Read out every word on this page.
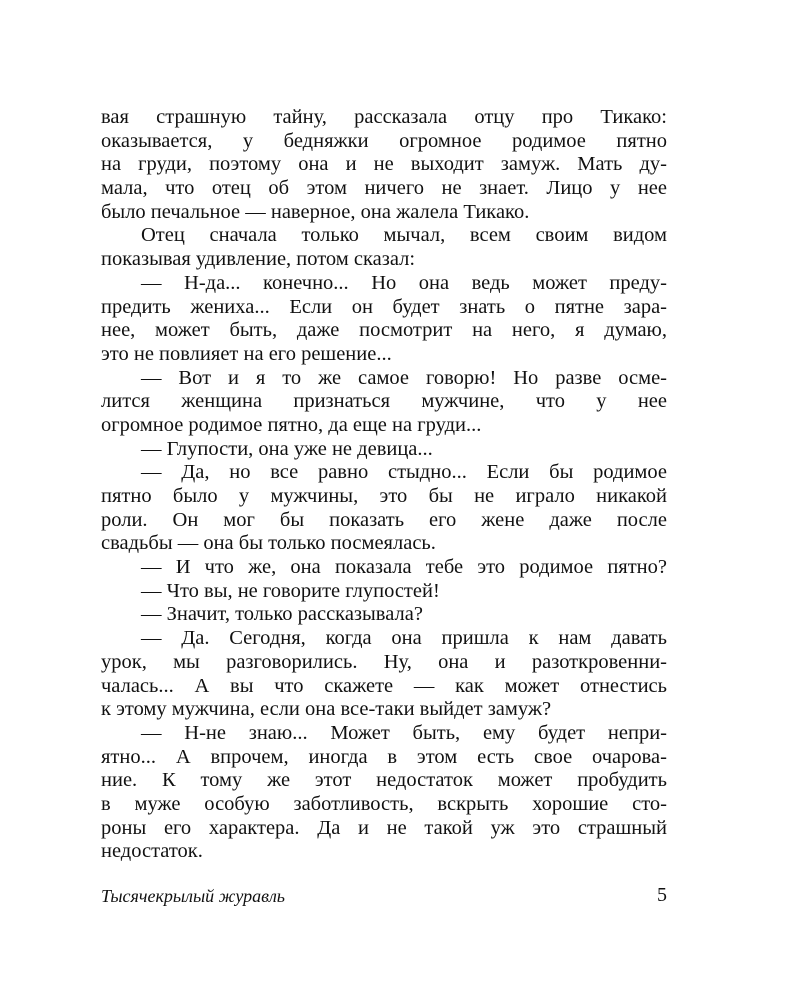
вая страшную тайну, рассказала отцу про Тикако:
оказывается, у бедняжки огромное родимое пятно
на груди, поэтому она и не выходит замуж. Мать ду-
мала, что отец об этом ничего не знает. Лицо у нее
было печальное — наверное, она жалела Тикако.
Отец сначала только мычал, всем своим видом
показывая удивление, потом сказал:
— Н-да... конечно... Но она ведь может преду-
предить жениха... Если он будет знать о пятне зара-
нее, может быть, даже посмотрит на него, я думаю,
это не повлияет на его решение...
— Вот и я то же самое говорю! Но разве осме-
лится женщина признаться мужчине, что у нее
огромное родимое пятно, да еще на груди...
— Глупости, она уже не девица...
— Да, но все равно стыдно... Если бы родимое
пятно было у мужчины, это бы не играло никакой
роли. Он мог бы показать его жене даже после
свадьбы — она бы только посмеялась.
— И что же, она показала тебе это родимое пятно?
— Что вы, не говорите глупостей!
— Значит, только рассказывала?
— Да. Сегодня, когда она пришла к нам давать
урок, мы разговорились. Ну, она и разоткровенни-
чалась... А вы что скажете — как может отнестись
к этому мужчина, если она все-таки выйдет замуж?
— Н-не знаю... Может быть, ему будет непри-
ятно... А впрочем, иногда в этом есть свое очарова-
ние. К тому же этот недостаток может пробудить
в муже особую заботливость, вскрыть хорошие сто-
роны его характера. Да и не такой уж это страшный
недостаток.
Тысячекрылый журавль	5
